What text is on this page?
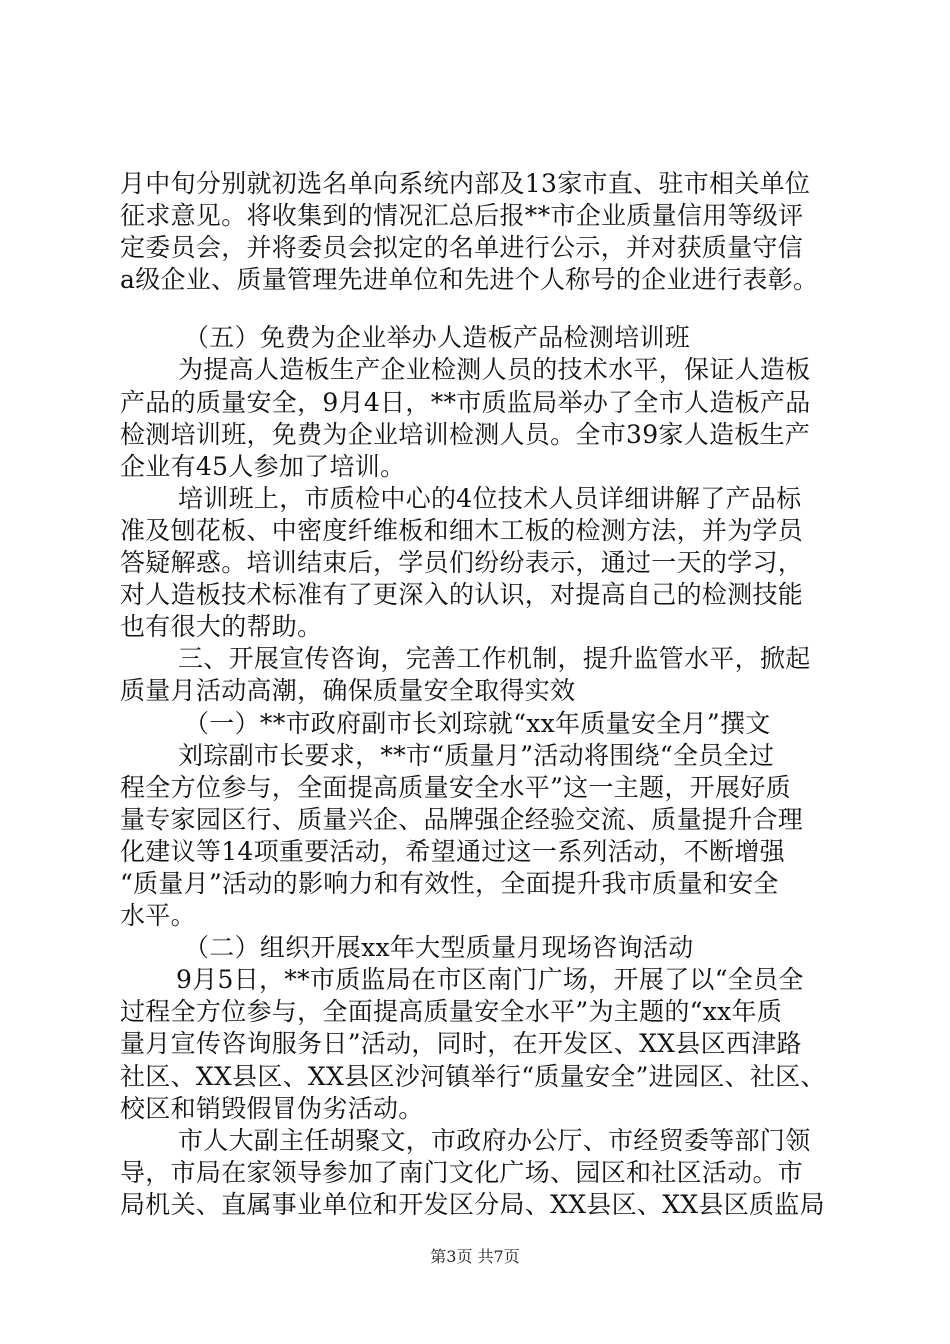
月中旬分别就初选名单向系统内部及13家市直、驻市相关单位
征求意见。将收集到的情况汇总后报**市企业质量信用等级评
定委员会，并将委员会拟定的名单进行公示，并对获质量守信
a级企业、质量管理先进单位和先进个人称号的企业进行表彰。
（五）免费为企业举办人造板产品检测培训班
为提高人造板生产企业检测人员的技术水平，保证人造板
产品的质量安全，9月4日，**市质监局举办了全市人造板产品
检测培训班，免费为企业培训检测人员。全市39家人造板生产
企业有45人参加了培训。
培训班上，市质检中心的4位技术人员详细讲解了产品标
准及刨花板、中密度纤维板和细木工板的检测方法，并为学员
答疑解惑。培训结束后，学员们纷纷表示，通过一天的学习，
对人造板技术标准有了更深入的认识，对提高自己的检测技能
也有很大的帮助。
三、开展宣传咨询，完善工作机制，提升监管水平，掀起
质量月活动高潮，确保质量安全取得实效
（一）**市政府副市长刘琮就“xx年质量安全月”撰文
刘琮副市长要求，**市“质量月”活动将围绕“全员全过
程全方位参与，全面提高质量安全水平”这一主题，开展好质
量专家园区行、质量兴企、品牌强企经验交流、质量提升合理
化建议等14项重要活动，希望通过这一系列活动，不断增强
“质量月”活动的影响力和有效性，全面提升我市质量和安全
水平。
（二）组织开展xx年大型质量月现场咨询活动
9月5日，**市质监局在市区南门广场，开展了以“全员全
过程全方位参与，全面提高质量安全水平”为主题的“xx年质
量月宣传咨询服务日”活动，同时，在开发区、XX县区西津路
社区、XX县区、XX县区沙河镇举行“质量安全”进园区、社区、
校区和销毁假冒伪劣活动。
市人大副主任胡聚文，市政府办公厅、市经贸委等部门领
导，市局在家领导参加了南门文化广场、园区和社区活动。市
局机关、直属事业单位和开发区分局、XX县区、XX县区质监局
第3页 共7页
